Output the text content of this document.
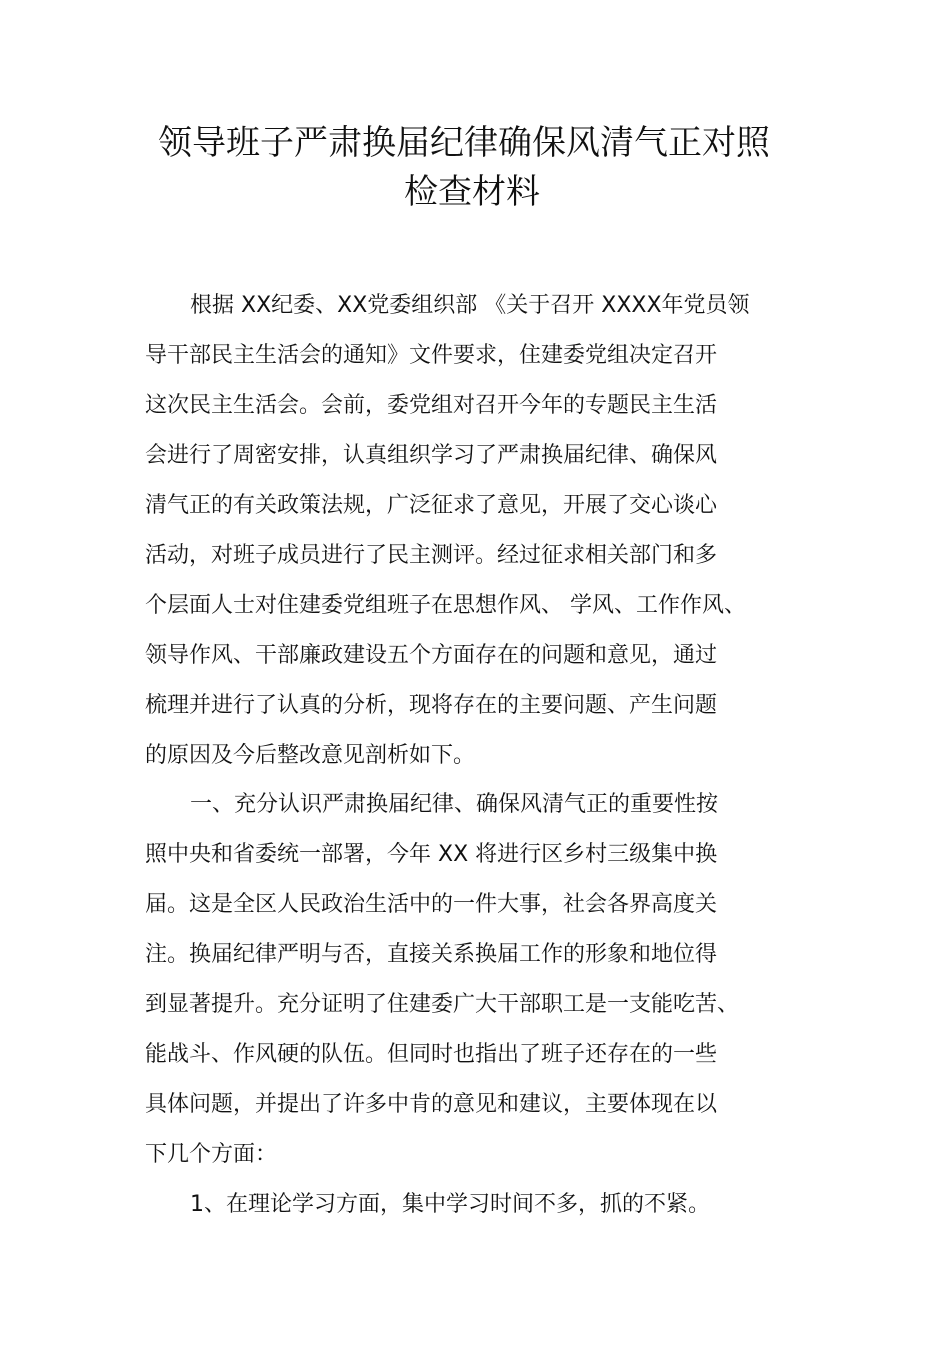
领导班子严肃换届纪律确保风清气正对照
检查材料
根据 XX纪委、XX党委组织部 《关于召开 XXXX年党员领
导干部民主生活会的通知》文件要求，住建委党组决定召开
这次民主生活会。会前，委党组对召开今年的专题民主生活
会进行了周密安排，认真组织学习了严肃换届纪律、确保风
清气正的有关政策法规，广泛征求了意见，开展了交心谈心
活动，对班子成员进行了民主测评。经过征求相关部门和多
个层面人士对住建委党组班子在思想作风、 学风、工作作风、
领导作风、干部廉政建设五个方面存在的问题和意见，通过
梳理并进行了认真的分析，现将存在的主要问题、产生问题
的原因及今后整改意见剖析如下。
一、充分认识严肃换届纪律、确保风清气正的重要性按
照中央和省委统一部署，今年 XX 将进行区乡村三级集中换
届。这是全区人民政治生活中的一件大事，社会各界高度关
注。换届纪律严明与否，直接关系换届工作的形象和地位得
到显著提升。充分证明了住建委广大干部职工是一支能吃苦、
能战斗、作风硬的队伍。但同时也指出了班子还存在的一些
具体问题，并提出了许多中肯的意见和建议，主要体现在以
下几个方面：
1、在理论学习方面，集中学习时间不多，抓的不紧。
